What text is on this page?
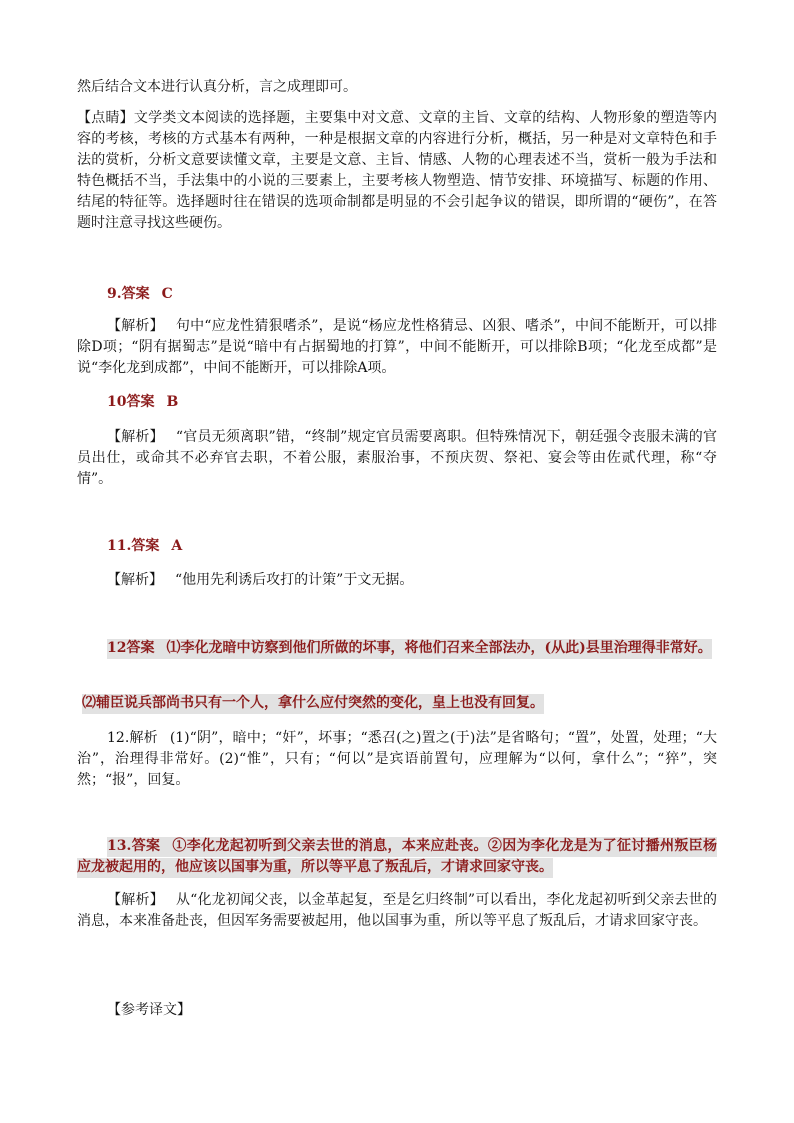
然后结合文本进行认真分析，言之成理即可。

【点睛】文学类文本阅读的选择题，主要集中对文意、文章的主旨、文章的结构、人物形象的塑造等内容的考核，考核的方式基本有两种，一种是根据文章的内容进行分析，概括，另一种是对文章特色和手法的赏析，分析文意要读懂文章，主要是文意、主旨、情感、人物的心理表述不当，赏析一般为手法和特色概括不当，手法集中的小说的三要素上，主要考核人物塑造、情节安排、环境描写、标题的作用、结尾的特征等。选择题时往在错误的选项命制都是明显的不会引起争议的错误，即所谓的“硬伤”，在答题时注意寻找这些硬伤。

9.答案 C

【解析】 句中“应龙性猜狠嗜杀”，是说“杨应龙性格猜忌、凶狠、嗜杀”，中间不能断开，可以排除D项；“阴有据蜀志”是说“暗中有占据蜀地的打算”，中间不能断开，可以排除B项；“化龙至成都”是说“李化龙到成都”，中间不能断开，可以排除A项。

10答案 B

【解析】 “官员无须离职”错，“终制”规定官员需要离职。但特殊情况下，朝廷强令丧服未满的官员出仕，或命其不必弃官去职，不着公服，素服治事，不预庆贺、祭祀、宴会等由佐贰代理，称“夺情”。

11.答案 A

【解析】 “他用先利诱后攻打的计策”于文无据。

12答案 ⑴李化龙暗中访察到他们所做的坏事，将他们召来全部法办，(从此)县里治理得非常好。

⑵辅臣说兵部尚书只有一个人，拿什么应付突然的变化，皇上也没有回复。

12.解析 (1)“阴”，暗中；“奸”，坏事；“悉召(之)置之(于)法”是省略句；“置”，处置，处理；“大治”，治理得非常好。(2)“惟”，只有；“何以”是宾语前置句，应理解为“以何，拿什么”；“猝”，突然；“报”，回复。

13.答案 ①李化龙起初听到父亲去世的消息，本来应赴丧。②因为李化龙是为了征讨播州叛臣杨应龙被起用的，他应该以国事为重，所以等平息了叛乱后，才请求回家守丧。

【解析】 从“化龙初闻父丧，以金革起复，至是乞归终制”可以看出，李化龙起初听到父亲去世的消息，本来准备赴丧，但因军务需要被起用，他以国事为重，所以等平息了叛乱后，才请求回家守丧。

【参考译文】
